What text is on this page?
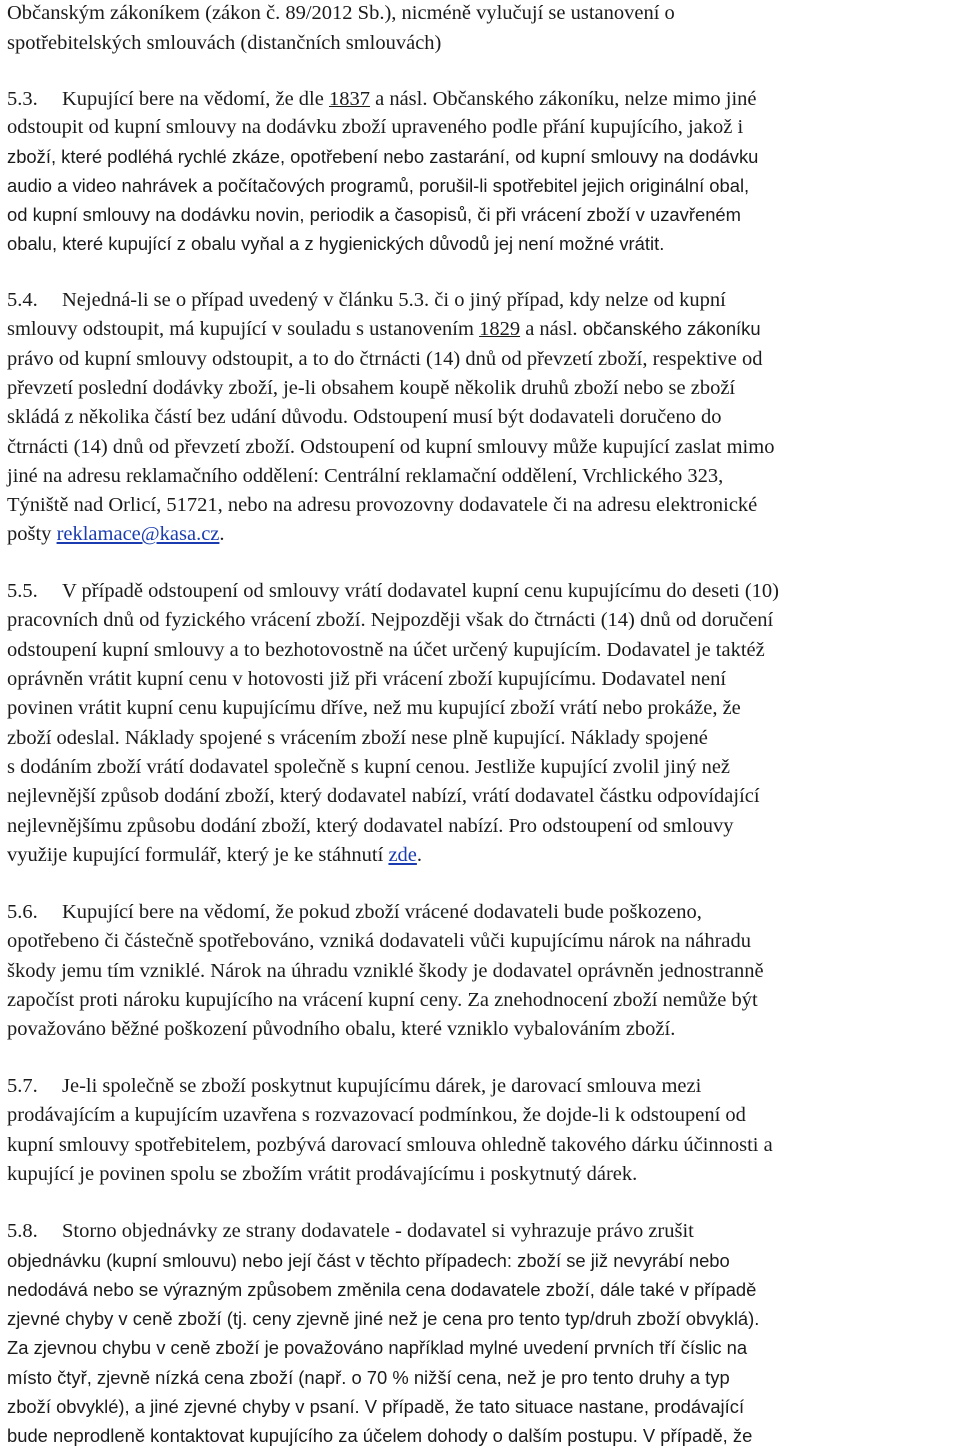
Občanským zákoníkem (zákon č. 89/2012 Sb.), nicméně vylučují se ustanovení o
spotřebitelských smlouvách (distančních smlouvách)
5.3. Kupující bere na vědomí, že dle 1837 a násl. Občanského zákoníku, nelze mimo jiné
odstoupit od kupní smlouvy na dodávku zboží upraveného podle přání kupujícího, jakož i
zboží, které podléhá rychlé zkáze, opotřebení nebo zastarání, od kupní smlouvy na dodávku
audio a video nahrávek a počítačových programů, porušil-li spotřebitel jejich originální obal,
od kupní smlouvy na dodávku novin, periodik a časopisů, či při vrácení zboží v uzavřeném
obalu, které kupující z obalu vyňal a z hygienických důvodů jej není možné vrátit.
5.4. Nejedná-li se o případ uvedený v článku 5.3. či o jiný případ, kdy nelze od kupní
smlouvy odstoupit, má kupující v souladu s ustanovením 1829 a násl. občanského zákoníku
právo od kupní smlouvy odstoupit, a to do čtrnácti (14) dnů od převzetí zboží, respektive od
převzetí poslední dodávky zboží, je-li obsahem koupě několik druhů zboží nebo se zboží
skládá z několika částí bez udání důvodu. Odstoupení musí být dodavateli doručeno do
čtrnácti (14) dnů od převzetí zboží. Odstoupení od kupní smlouvy může kupující zaslat mimo
jiné na adresu reklamačního oddělení: Centrální reklamační oddělení, Vrchlického 323,
Týniště nad Orlicí, 51721, nebo na adresu provozovny dodavatele či na adresu elektronické
pošty reklamace@kasa.cz.
5.5. V případě odstoupení od smlouvy vrátí dodavatel kupní cenu kupujícímu do deseti (10)
pracovních dnů od fyzického vrácení zboží. Nejpozději však do čtrnácti (14) dnů od doručení
odstoupení kupní smlouvy a to bezhotovostně na účet určený kupujícím. Dodavatel je taktéž
oprávněn vrátit kupní cenu v hotovosti již při vrácení zboží kupujícímu. Dodavatel není
povinen vrátit kupní cenu kupujícímu dříve, než mu kupující zboží vrátí nebo prokáže, že
zboží odeslal. Náklady spojené s vrácením zboží nese plně kupující. Náklady spojené
s dodáním zboží vrátí dodavatel společně s kupní cenou. Jestliže kupující zvolil jiný než
nejlevnější způsob dodání zboží, který dodavatel nabízí, vrátí dodavatel částku odpovídající
nejlevnějšímu způsobu dodání zboží, který dodavatel nabízí. Pro odstoupení od smlouvy
využije kupující formulář, který je ke stáhnutí zde.
5.6. Kupující bere na vědomí, že pokud zboží vrácené dodavateli bude poškozeno,
opotřebeno či částečně spotřebováno, vzniká dodavateli vůči kupujícímu nárok na náhradu
škody jemu tím vzniklé. Nárok na úhradu vzniklé škody je dodavatel oprávněn jednostranně
započíst proti nároku kupujícího na vrácení kupní ceny. Za znehodnocení zboží nemůže být
považováno běžné poškození původního obalu, které vzniklo vybalováním zboží.
5.7. Je-li společně se zboží poskytnut kupujícímu dárek, je darovací smlouva mezi
prodávajícím a kupujícím uzavřena s rozvazovací podmínkou, že dojde-li k odstoupení od
kupní smlouvy spotřebitelem, pozbývá darovací smlouva ohledně takového dárku účinnosti a
kupující je povinen spolu se zbožím vrátit prodávajícímu i poskytnutý dárek.
5.8. Storno objednávky ze strany dodavatele - dodavatel si vyhrazuje právo zrušit
objednávku (kupní smlouvu) nebo její část v těchto případech: zboží se již nevyrábí nebo
nedodává nebo se výrazným způsobem změnila cena dodavatele zboží, dále také v případě
zjevné chyby v ceně zboží (tj. ceny zjevně jiné než je cena pro tento typ/druh zboží obvyklá).
Za zjevnou chybu v ceně zboží je považováno například mylné uvedení prvních tří číslic na
místo čtyř, zjevně nízká cena zboží (např. o 70 % nižší cena, než je pro tento druhy a typ
zboží obvyklé), a jiné zjevné chyby v psaní. V případě, že tato situace nastane, prodávající
bude neprodleně kontaktovat kupujícího za účelem dohody o dalším postupu. V případě, že
